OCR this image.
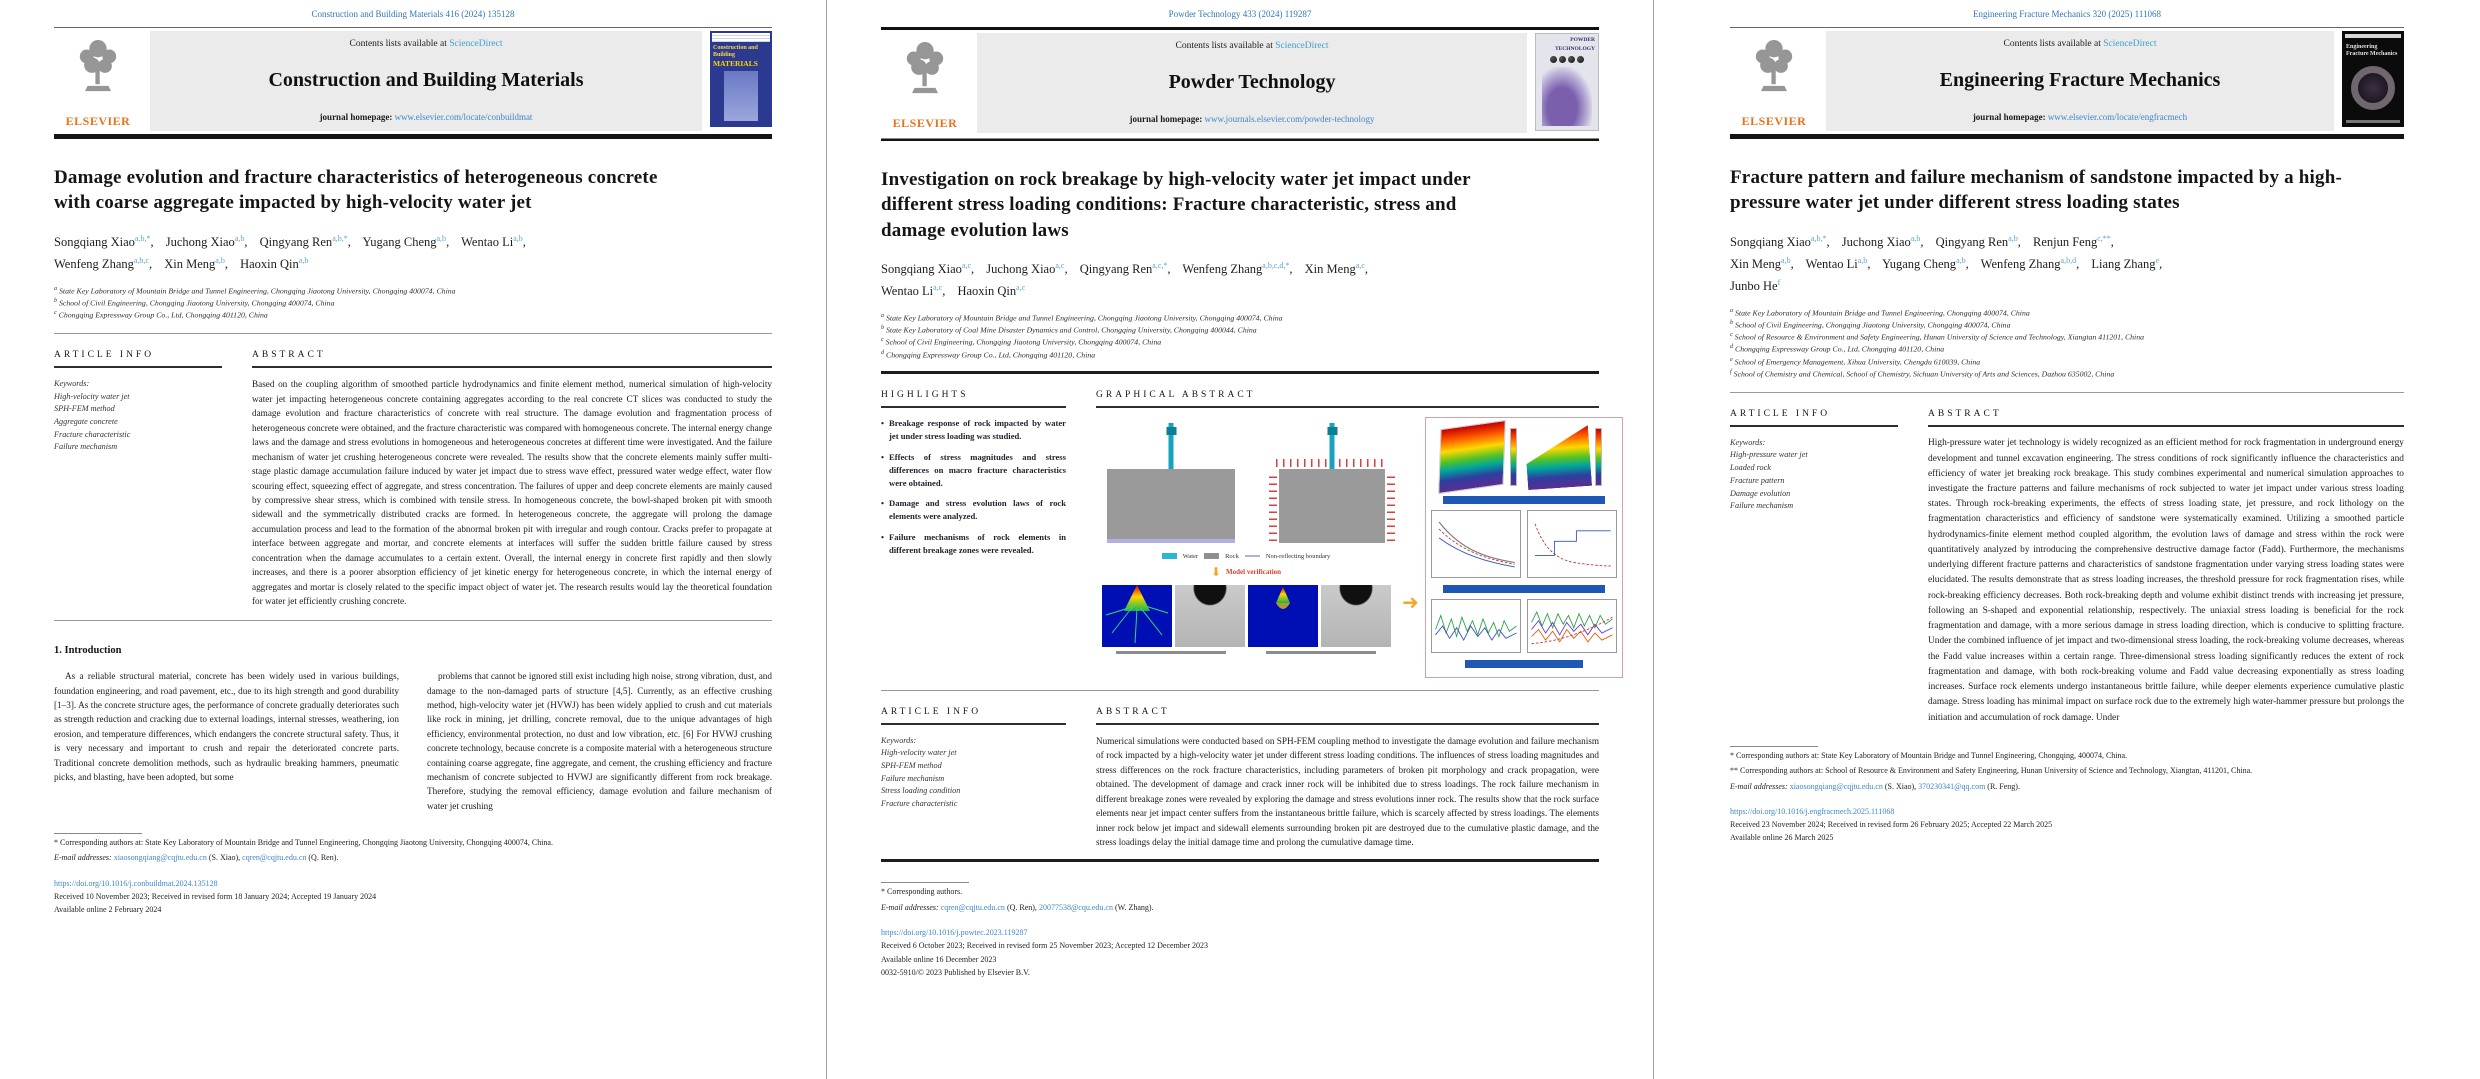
Construction and Building Materials 416 (2024) 135128
ELSEVIER
Contents lists available at ScienceDirect
Construction and Building Materials
journal homepage: www.elsevier.com/locate/conbuildmat
Construction and Building
MATERIALS
Damage evolution and fracture characteristics of heterogeneous concrete with coarse aggregate impacted by high-velocity water jet
Songqiang Xiao$^{a,b,*}$ , Juchong Xiao$^{a,b}$ , Qingyang Ren$^{a,b,*}$ , Yugang Cheng$^{a,b}$ , Wentao Li$^{a,b}$ ,
Wenfeng Zhang$^{a,b,c}$ , Xin Meng$^{a,b}$ , Haoxin Qin$^{a,b}$
$^a$ State Key Laboratory of Mountain Bridge and Tunnel Engineering, Chongqing Jiaotong University, Chongqing 400074, China
$^b$ School of Civil Engineering, Chongqing Jiaotong University, Chongqing 400074, China
$^c$ Chongqing Expressway Group Co., Ltd, Chongqing 401120, China
ARTICLE INFO
Keywords:
High-velocity water jet
SPH-FEM method
Aggregate concrete
Fracture characteristic
Failure mechanism
ABSTRACT
Based on the coupling algorithm of smoothed particle hydrodynamics and finite element method, numerical simulation of high-velocity water jet impacting heterogeneous concrete containing aggregates according to the real concrete CT slices was conducted to study the damage evolution and fracture characteristics of concrete with real structure. The damage evolution and fragmentation process of heterogeneous concrete were obtained, and the fracture characteristic was compared with homogeneous concrete. The internal energy change laws and the damage and stress evolutions in homogeneous and heterogeneous concretes at different time were investigated. And the failure mechanism of water jet crushing heterogeneous concrete were revealed. The results show that the concrete elements mainly suffer multi-stage plastic damage accumulation failure induced by water jet impact due to stress wave effect, pressured water wedge effect, water flow scouring effect, squeezing effect of aggregate, and stress concentration. The failures of upper and deep concrete elements are mainly caused by compressive shear stress, which is combined with tensile stress. In homogeneous concrete, the bowl-shaped broken pit with smooth sidewall and the symmetrically distributed cracks are formed. In heterogeneous concrete, the aggregate will prolong the damage accumulation process and lead to the formation of the abnormal broken pit with irregular and rough contour. Cracks prefer to propagate at interface between aggregate and mortar, and concrete elements at interfaces will suffer the sudden brittle failure caused by stress concentration when the damage accumulates to a certain extent. Overall, the internal energy in concrete first rapidly and then slowly increases, and there is a poorer absorption efficiency of jet kinetic energy for heterogeneous concrete, in which the internal energy of aggregates and mortar is closely related to the specific impact object of water jet. The research results would lay the theoretical foundation for water jet efficiently crushing concrete.
1. Introduction
As a reliable structural material, concrete has been widely used in various buildings, foundation engineering, and road pavement, etc., due to its high strength and good durability [1–3]. As the concrete structure ages, the performance of concrete gradually deteriorates such as strength reduction and cracking due to external loadings, internal stresses, weathering, ion erosion, and temperature differences, which endangers the concrete structural safety. Thus, it is very necessary and important to crush and repair the deteriorated concrete parts. Traditional concrete demolition methods, such as hydraulic breaking hammers, pneumatic picks, and blasting, have been adopted, but some
problems that cannot be ignored still exist including high noise, strong vibration, dust, and damage to the non-damaged parts of structure [4,5]. Currently, as an effective crushing method, high-velocity water jet (HVWJ) has been widely applied to crush and cut materials like rock in mining, jet drilling, concrete removal, due to the unique advantages of high efficiency, environmental protection, no dust and low vibration, etc. [6] For HVWJ crushing concrete technology, because concrete is a composite material with a heterogeneous structure containing coarse aggregate, fine aggregate, and cement, the crushing efficiency and fracture mechanism of concrete subjected to HVWJ are significantly different from rock breakage. Therefore, studying the removal efficiency, damage evolution and failure mechanism of water jet crushing
* Corresponding authors at: State Key Laboratory of Mountain Bridge and Tunnel Engineering, Chongqing Jiaotong University, Chongqing 400074, China.
E-mail addresses: xiaosongqiang@cqjtu.edu.cn (S. Xiao), cqren@cqjtu.edu.cn (Q. Ren).
https://doi.org/10.1016/j.conbuildmat.2024.135128
Received 10 November 2023; Received in revised form 18 January 2024; Accepted 19 January 2024
Available online 2 February 2024
Powder Technology 433 (2024) 119287
ELSEVIER
Contents lists available at ScienceDirect
Powder Technology
journal homepage: www.journals.elsevier.com/powder-technology
POWDER
TECHNOLOGY
Investigation on rock breakage by high-velocity water jet impact under different stress loading conditions: Fracture characteristic, stress and damage evolution laws
Songqiang Xiao$^{a,c}$ , Juchong Xiao$^{a,c}$ , Qingyang Ren$^{a,c,*}$ , Wenfeng Zhang$^{a,b,c,d,*}$ , Xin Meng$^{a,c}$ ,
Wentao Li$^{a,c}$ , Haoxin Qin$^{a,c}$
$^a$ State Key Laboratory of Mountain Bridge and Tunnel Engineering, Chongqing Jiaotong University, Chongqing 400074, China
$^b$ State Key Laboratory of Coal Mine Disaster Dynamics and Control, Chongqing University, Chongqing 400044, China
$^c$ School of Civil Engineering, Chongqing Jiaotong University, Chongqing 400074, China
$^d$ Chongqing Expressway Group Co., Ltd, Chongqing 401120, China
HIGHLIGHTS
• Breakage response of rock impacted by water jet under stress loading was studied.
• Effects of stress magnitudes and stress differences on macro fracture characteristics were obtained.
• Damage and stress evolution laws of rock elements were analyzed.
• Failure mechanisms of rock elements in different breakage zones were revealed.
GRAPHICAL ABSTRACT
Water	Rock	Non-reflecting boundary
⬇ Model verification
➜
ARTICLE INFO
Keywords:
High-velocity water jet
SPH-FEM method
Failure mechanism
Stress loading condition
Fracture characteristic
ABSTRACT
Numerical simulations were conducted based on SPH-FEM coupling method to investigate the damage evolution and failure mechanism of rock impacted by a high-velocity water jet under different stress loading conditions. The influences of stress loading magnitudes and stress differences on the rock fracture characteristics, including parameters of broken pit morphology and crack propagation, were obtained. The development of damage and crack inner rock will be inhibited due to stress loadings. The rock failure mechanism in different breakage zones were revealed by exploring the damage and stress evolutions inner rock. The results show that the rock surface elements near jet impact center suffers from the instantaneous brittle failure, which is scarcely affected by stress loadings. The elements inner rock below jet impact and sidewall elements surrounding broken pit are destroyed due to the cumulative plastic damage, and the stress loadings delay the initial damage time and prolong the cumulative damage time.
* Corresponding authors.
E-mail addresses: cqren@cqjtu.edu.cn (Q. Ren), 20077538@cqu.edu.cn (W. Zhang).
https://doi.org/10.1016/j.powtec.2023.119287
Received 6 October 2023; Received in revised form 25 November 2023; Accepted 12 December 2023
Available online 16 December 2023
0032-5910/© 2023 Published by Elsevier B.V.
Engineering Fracture Mechanics 320 (2025) 111068
ELSEVIER
Contents lists available at ScienceDirect
Engineering Fracture Mechanics
journal homepage: www.elsevier.com/locate/engfracmech
Engineering
Fracture Mechanics
Fracture pattern and failure mechanism of sandstone impacted by a high-pressure water jet under different stress loading states
Songqiang Xiao$^{a,b,*}$ , Juchong Xiao$^{a,b}$ , Qingyang Ren$^{a,b}$ , Renjun Feng$^{c,**}$ ,
Xin Meng$^{a,b}$ , Wentao Li$^{a,b}$ , Yugang Cheng$^{a,b}$ , Wenfeng Zhang$^{a,b,d}$ , Liang Zhang$^e$ ,
Junbo He$^f$
$^a$ State Key Laboratory of Mountain Bridge and Tunnel Engineering, Chongqing 400074, China
$^b$ School of Civil Engineering, Chongqing Jiaotong University, Chongqing 400074, China
$^c$ School of Resource & Environment and Safety Engineering, Hunan University of Science and Technology, Xiangtan 411201, China
$^d$ Chongqing Expressway Group Co., Ltd, Chongqing 401120, China
$^e$ School of Emergency Management, Xihua University, Chengdu 610039, China
$^f$ School of Chemistry and Chemical, School of Chemistry, Sichuan University of Arts and Sciences, Dazhou 635002, China
ARTICLE INFO
Keywords:
High-pressure water jet
Loaded rock
Fracture pattern
Damage evolution
Failure mechanism
ABSTRACT
High-pressure water jet technology is widely recognized as an efficient method for rock fragmentation in underground energy development and tunnel excavation engineering. The stress conditions of rock significantly influence the characteristics and efficiency of water jet breaking rock breakage. This study combines experimental and numerical simulation approaches to investigate the fracture patterns and failure mechanisms of rock subjected to water jet impact under various stress loading states. Through rock-breaking experiments, the effects of stress loading state, jet pressure, and rock lithology on the fragmentation characteristics and efficiency of sandstone were systematically examined. Utilizing a smoothed particle hydrodynamics-finite element method coupled algorithm, the evolution laws of damage and stress within the rock were quantitatively analyzed by introducing the comprehensive destructive damage factor (Fadd). Furthermore, the mechanisms underlying different fracture patterns and characteristics of sandstone fragmentation under varying stress loading states were elucidated. The results demonstrate that as stress loading increases, the threshold pressure for rock fragmentation rises, while rock-breaking efficiency decreases. Both rock-breaking depth and volume exhibit distinct trends with increasing jet pressure, following an S-shaped and exponential relationship, respectively. The uniaxial stress loading is beneficial for the rock fragmentation and damage, with a more serious damage in stress loading direction, which is conducive to splitting fracture. Under the combined influence of jet impact and two-dimensional stress loading, the rock-breaking volume decreases, whereas the Fadd value increases within a certain range. Three-dimensional stress loading significantly reduces the extent of rock fragmentation and damage, with both rock-breaking volume and Fadd value decreasing exponentially as stress loading increases. Surface rock elements undergo instantaneous brittle failure, while deeper elements experience cumulative plastic damage. Stress loading has minimal impact on surface rock due to the extremely high water-hammer pressure but prolongs the initiation and accumulation of rock damage. Under
* Corresponding authors at: State Key Laboratory of Mountain Bridge and Tunnel Engineering, Chongqing, 400074, China.
** Corresponding authors at: School of Resource & Environment and Safety Engineering, Hunan University of Science and Technology, Xiangtan, 411201, China.
E-mail addresses: xiaosongqiang@cqjtu.edu.cn (S. Xiao), 370230341@qq.com (R. Feng).
https://doi.org/10.1016/j.engfracmech.2025.111068
Received 23 November 2024; Received in revised form 26 February 2025; Accepted 22 March 2025
Available online 26 March 2025
